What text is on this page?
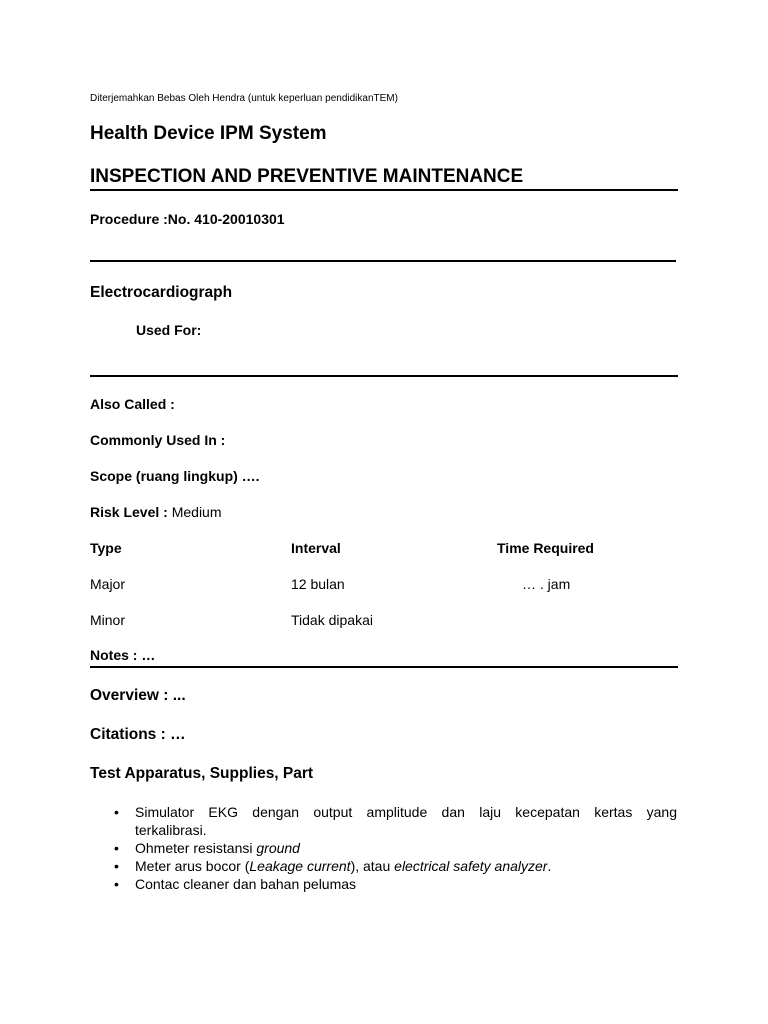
Diterjemahkan Bebas Oleh Hendra (untuk keperluan pendidikanTEM)
Health Device IPM System
INSPECTION AND PREVENTIVE MAINTENANCE
Procedure :No. 410-20010301
Electrocardiograph
Used For:
Also Called :
Commonly Used In :
Scope (ruang lingkup) ….
Risk Level : Medium
Type	Interval	Time Required
Major	12 bulan	… . jam
Minor	Tidak dipakai
Notes : …
Overview : ...
Citations : …
Test Apparatus, Supplies, Part
• Simulator EKG dengan output amplitude dan laju kecepatan kertas yang
terkalibrasi.
• Ohmeter resistansi ground
• Meter arus bocor (Leakage current), atau electrical safety analyzer.
• Contac cleaner dan bahan pelumas
